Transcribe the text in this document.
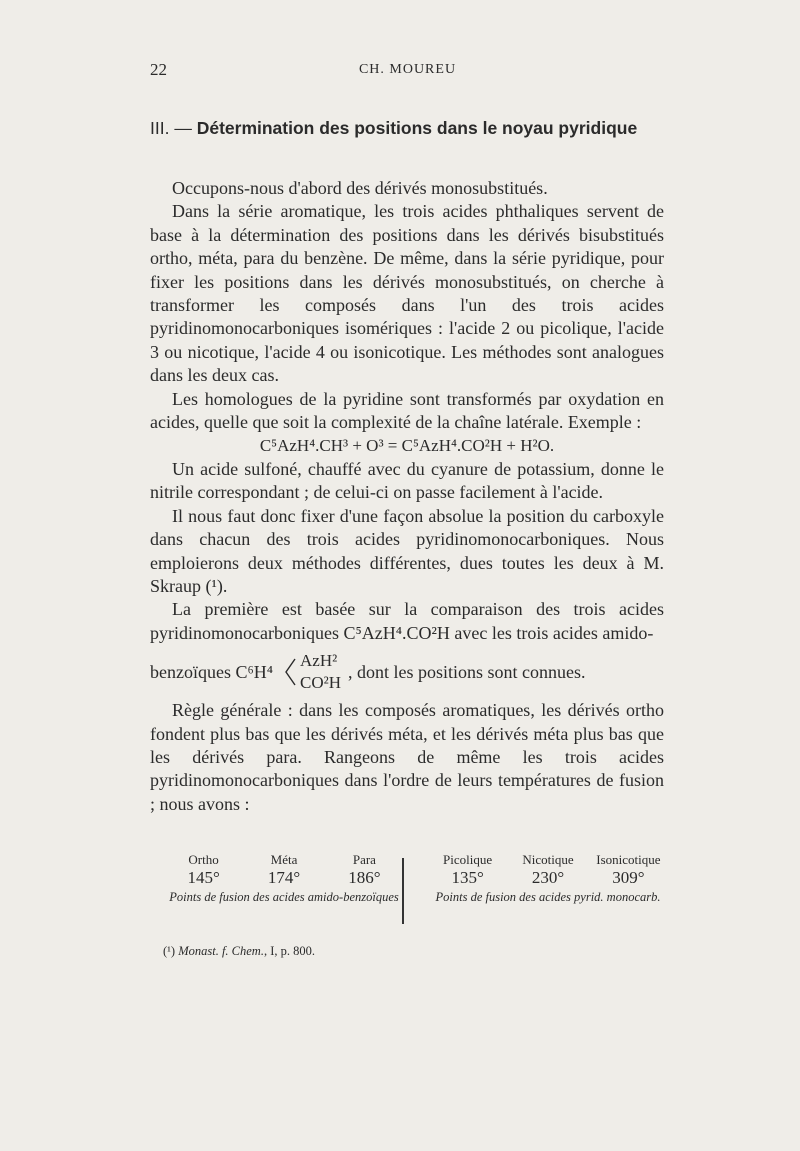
22	CH. MOUREU
III. — Détermination des positions dans le noyau pyridique

Occupons-nous d'abord des dérivés monosubstitués.

Dans la série aromatique, les trois acides phthaliques servent de base à la détermination des positions dans les dérivés bisubstitués ortho, méta, para du benzène. De même, dans la série pyridique, pour fixer les positions dans les dérivés monosubstitués, on cherche à transformer les composés dans l'un des trois acides pyridinomonocarboniques isomériques : l'acide 2 ou picolique, l'acide 3 ou nicotique, l'acide 4 ou isonicotique. Les méthodes sont analogues dans les deux cas.

Les homologues de la pyridine sont transformés par oxydation en acides, quelle que soit la complexité de la chaîne latérale. Exemple :

C⁵AzH⁴.CH³ + O³ = C⁵AzH⁴.CO²H + H²O.

Un acide sulfoné, chauffé avec du cyanure de potassium, donne le nitrile correspondant ; de celui-ci on passe facilement à l'acide.

Il nous faut donc fixer d'une façon absolue la position du carboxyle dans chacun des trois acides pyridinomonocarboniques. Nous emploierons deux méthodes différentes, dues toutes les deux à M. Skraup (¹).

La première est basée sur la comparaison des trois acides pyridinomonocarboniques C⁵AzH⁴.CO²H avec les trois acides amido-

benzoïques C⁶H⁴
AzH²
CO²H
, dont les positions sont connues.

Règle générale : dans les composés aromatiques, les dérivés ortho fondent plus bas que les dérivés méta, et les dérivés méta plus bas que les dérivés para. Rangeons de même les trois acides pyridinomonocarboniques dans l'ordre de leurs températures de fusion ; nous avons :

Ortho	Méta	Para
145°	174°	186°
Points de fusion des acides amido-benzoïques
Picolique	Nicotique	Isonicotique
135°	230°	309°
Points de fusion des acides pyrid. monocarb.
(¹) Monast. f. Chem., I, p. 800.
